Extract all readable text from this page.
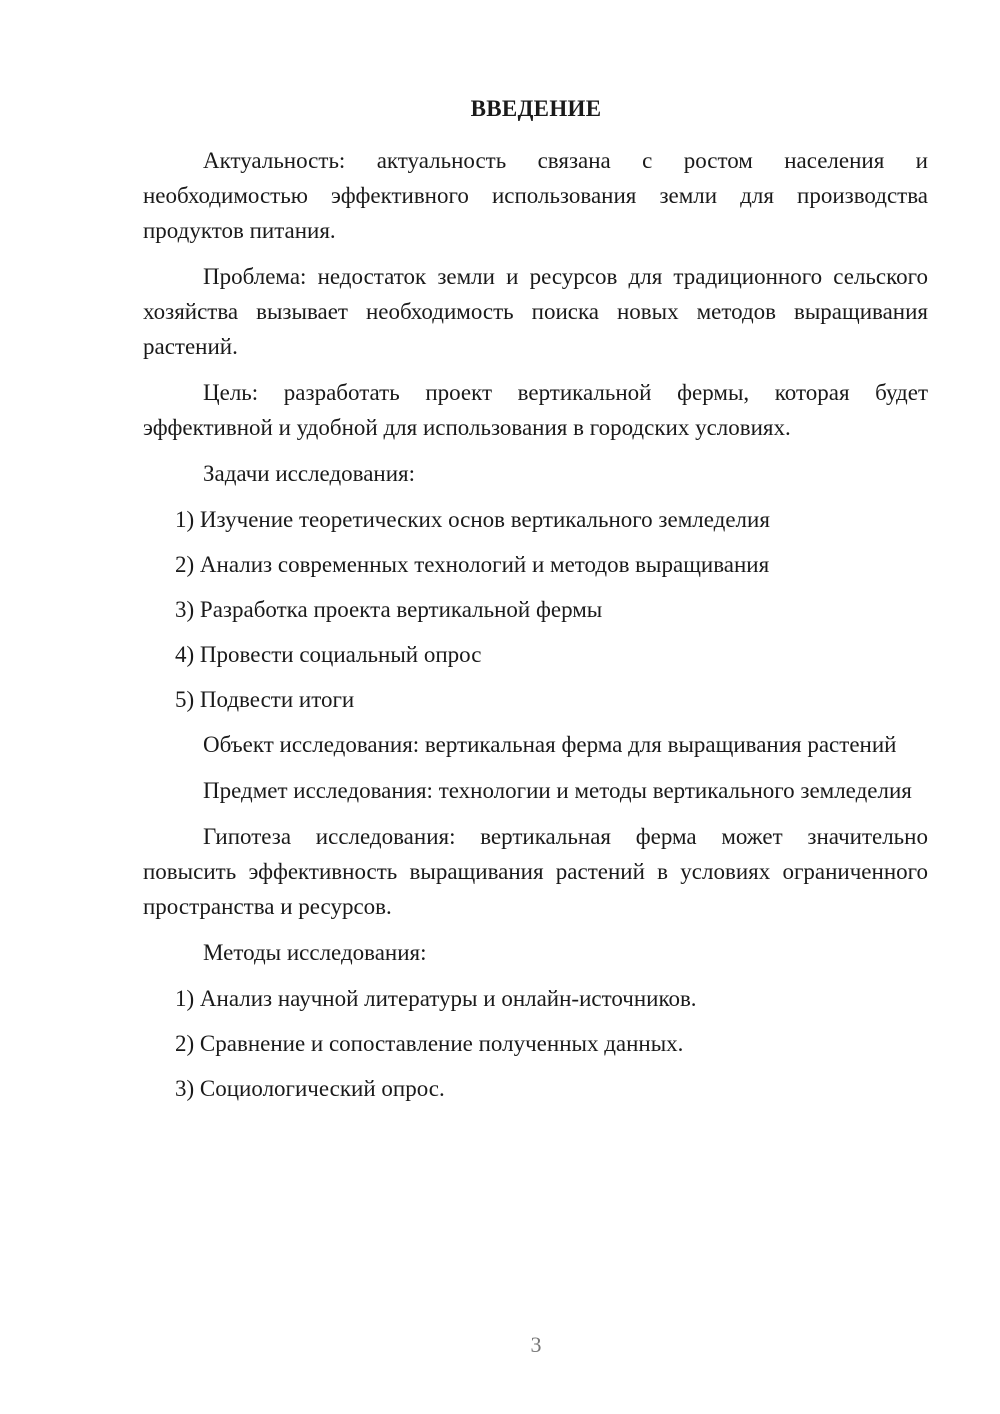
ВВЕДЕНИЕ

Актуальность: актуальность связана с ростом населения и необходимостью эффективного использования земли для производства продуктов питания.

Проблема: недостаток земли и ресурсов для традиционного сельского хозяйства вызывает необходимость поиска новых методов выращивания растений.

Цель: разработать проект вертикальной фермы, которая будет эффективной и удобной для использования в городских условиях.

Задачи исследования:

1) Изучение теоретических основ вертикального земледелия
2) Анализ современных технологий и методов выращивания
3) Разработка проекта вертикальной фермы
4) Провести социальный опрос
5) Подвести итоги

Объект исследования: вертикальная ферма для выращивания растений

Предмет исследования: технологии и методы вертикального земледелия

Гипотеза исследования: вертикальная ферма может значительно повысить эффективность выращивания растений в условиях ограниченного пространства и ресурсов.

Методы исследования:

1) Анализ научной литературы и онлайн-источников.
2) Сравнение и сопоставление полученных данных.
3) Социологический опрос.
3
